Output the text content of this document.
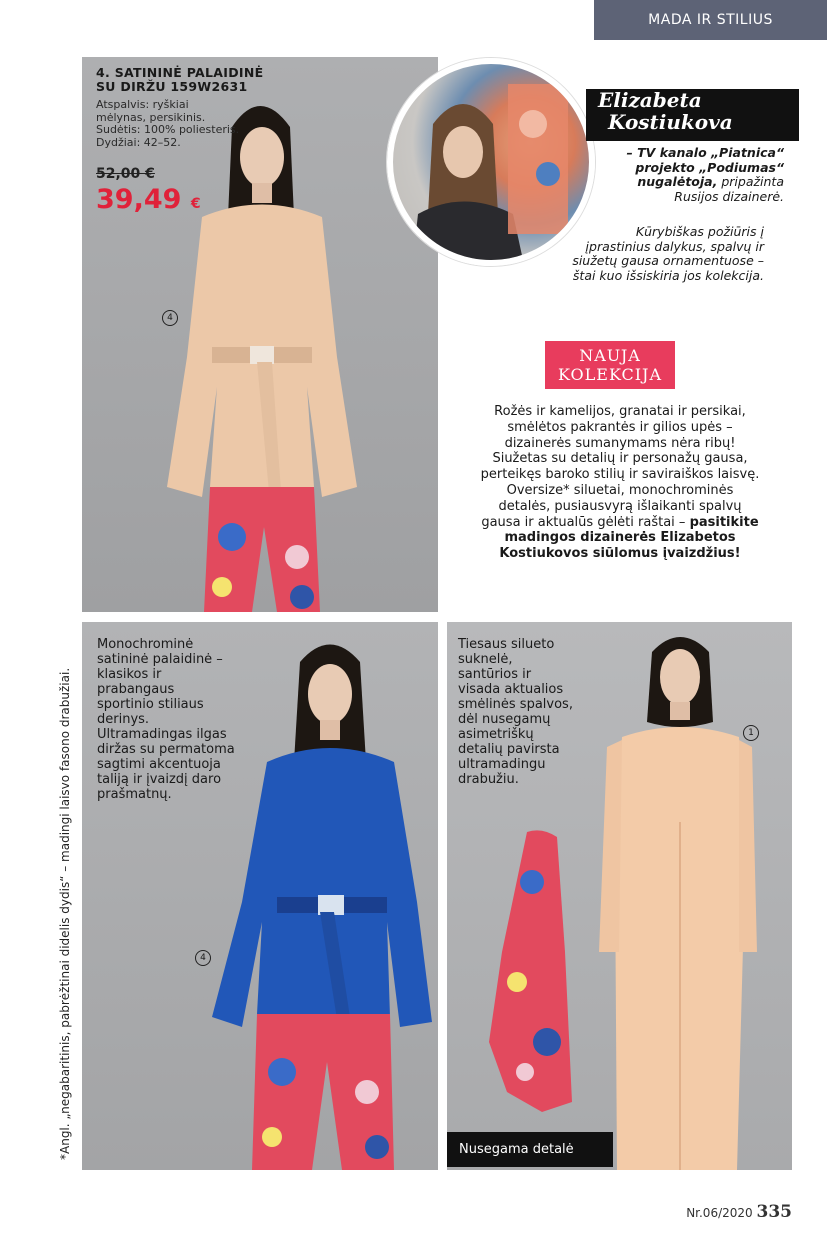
MADA IR STILIUS
4. SATININĖ PALAIDINĖ
SU DIRŽU 159W2631
Atspalvis: ryškiai
mėlynas, persikinis.
Sudėtis: 100% poliesteris.
Dydžiai: 42–52.
52,00 €
39,49 €
4
Elizabeta
Kostiukova
– TV kanalo „Piatnica“
projekto „Podiumas“
nugalėtoja, pripažinta
Rusijos dizainerė.
Kūrybiškas požiūris į
įprastinius dalykus, spalvų ir
siužetų gausa ornamentuose –
štai kuo išsiskiria jos kolekcija.
NAUJA
KOLEKCIJA
Rožės ir kamelijos, granatai ir persikai,
smėlėtos pakrantės ir gilios upės –
dizainerės sumanymams nėra ribų!
Siužetas su detalių ir personažų gausa,
perteikęs baroko stilių ir saviraiškos laisvę.
Oversize* siluetai, monochrominės
detalės, pusiausvyrą išlaikanti spalvų
gausa ir aktualūs gėlėti raštai – pasitikite
madingos dizainerės Elizabetos
Kostiukovos siūlomus įvaizdžius!
Monochrominė
satininė palaidinė –
klasikos ir
prabangaus
sportinio stiliaus
derinys.
Ultramadingas ilgas
diržas su permatoma
sagtimi akcentuoja
taliją ir įvaizdį daro
prašmatnų.
4
Tiesaus silueto
suknelė,
santūrios ir
visada aktualios
smėlinės spalvos,
dėl nusegamų
asimetriškų
detalių pavirsta
ultramadingu
drabužiu.
1
Nusegama detalė
*Angl. „negabaritinis, pabrėžtinai didelis dydis“ – madingi laisvo fasono drabužiai.
Nr.06/2020 335
